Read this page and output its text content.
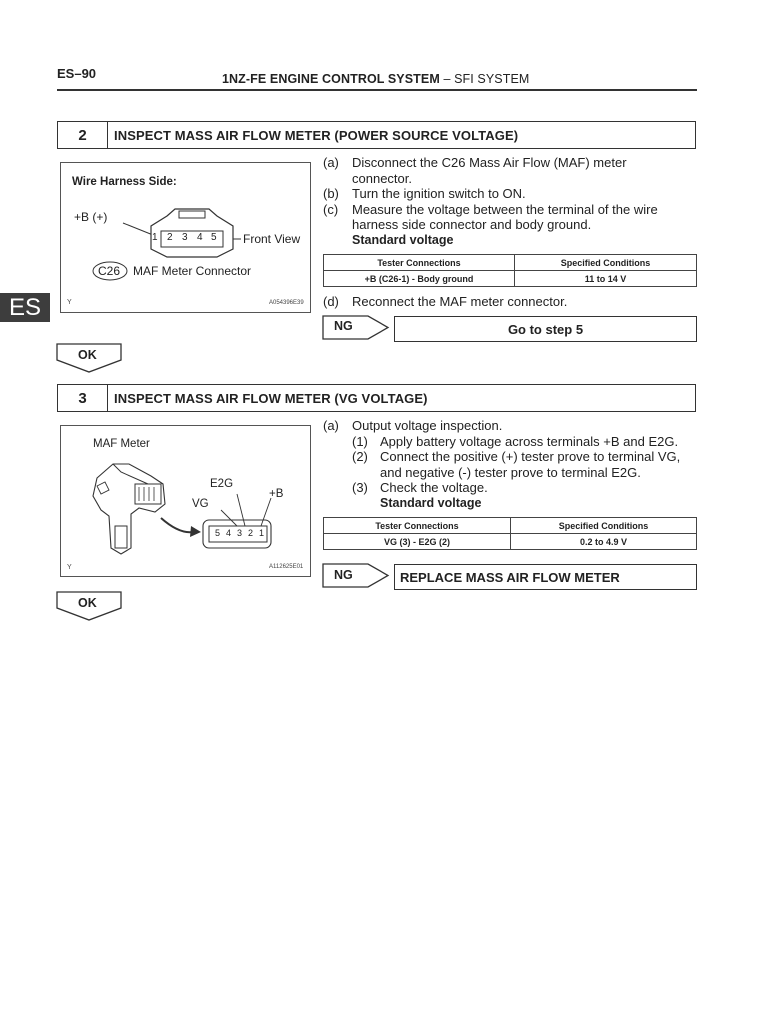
ES–90	1NZ-FE ENGINE CONTROL SYSTEM – SFI SYSTEM
ES
2	INSPECT MASS AIR FLOW METER (POWER SOURCE VOLTAGE)
Wire Harness Side:
+B (+)
1 2 3 4 5 Front View
C26 MAF Meter Connector
Y	A054396E39
(a) Disconnect the C26 Mass Air Flow (MAF) meter
connector.
(b) Turn the ignition switch to ON.
(c) Measure the voltage between the terminal of the wire
harness side connector and body ground.
Standard voltage
Tester Connections	Specified Conditions
+B (C26-1) - Body ground	11 to 14 V
(d) Reconnect the MAF meter connector.
NG	Go to step 5
OK
3	INSPECT MASS AIR FLOW METER (VG VOLTAGE)
MAF Meter
E2G
VG
+B
5 4 3 2 1
Y	A112625E01
(a) Output voltage inspection.
(1) Apply battery voltage across terminals +B and E2G.
(2) Connect the positive (+) tester prove to terminal VG,
and negative (-) tester prove to terminal E2G.
(3) Check the voltage.
Standard voltage
Tester Connections	Specified Conditions
VG (3) - E2G (2)	0.2 to 4.9 V
NG	REPLACE MASS AIR FLOW METER
OK
